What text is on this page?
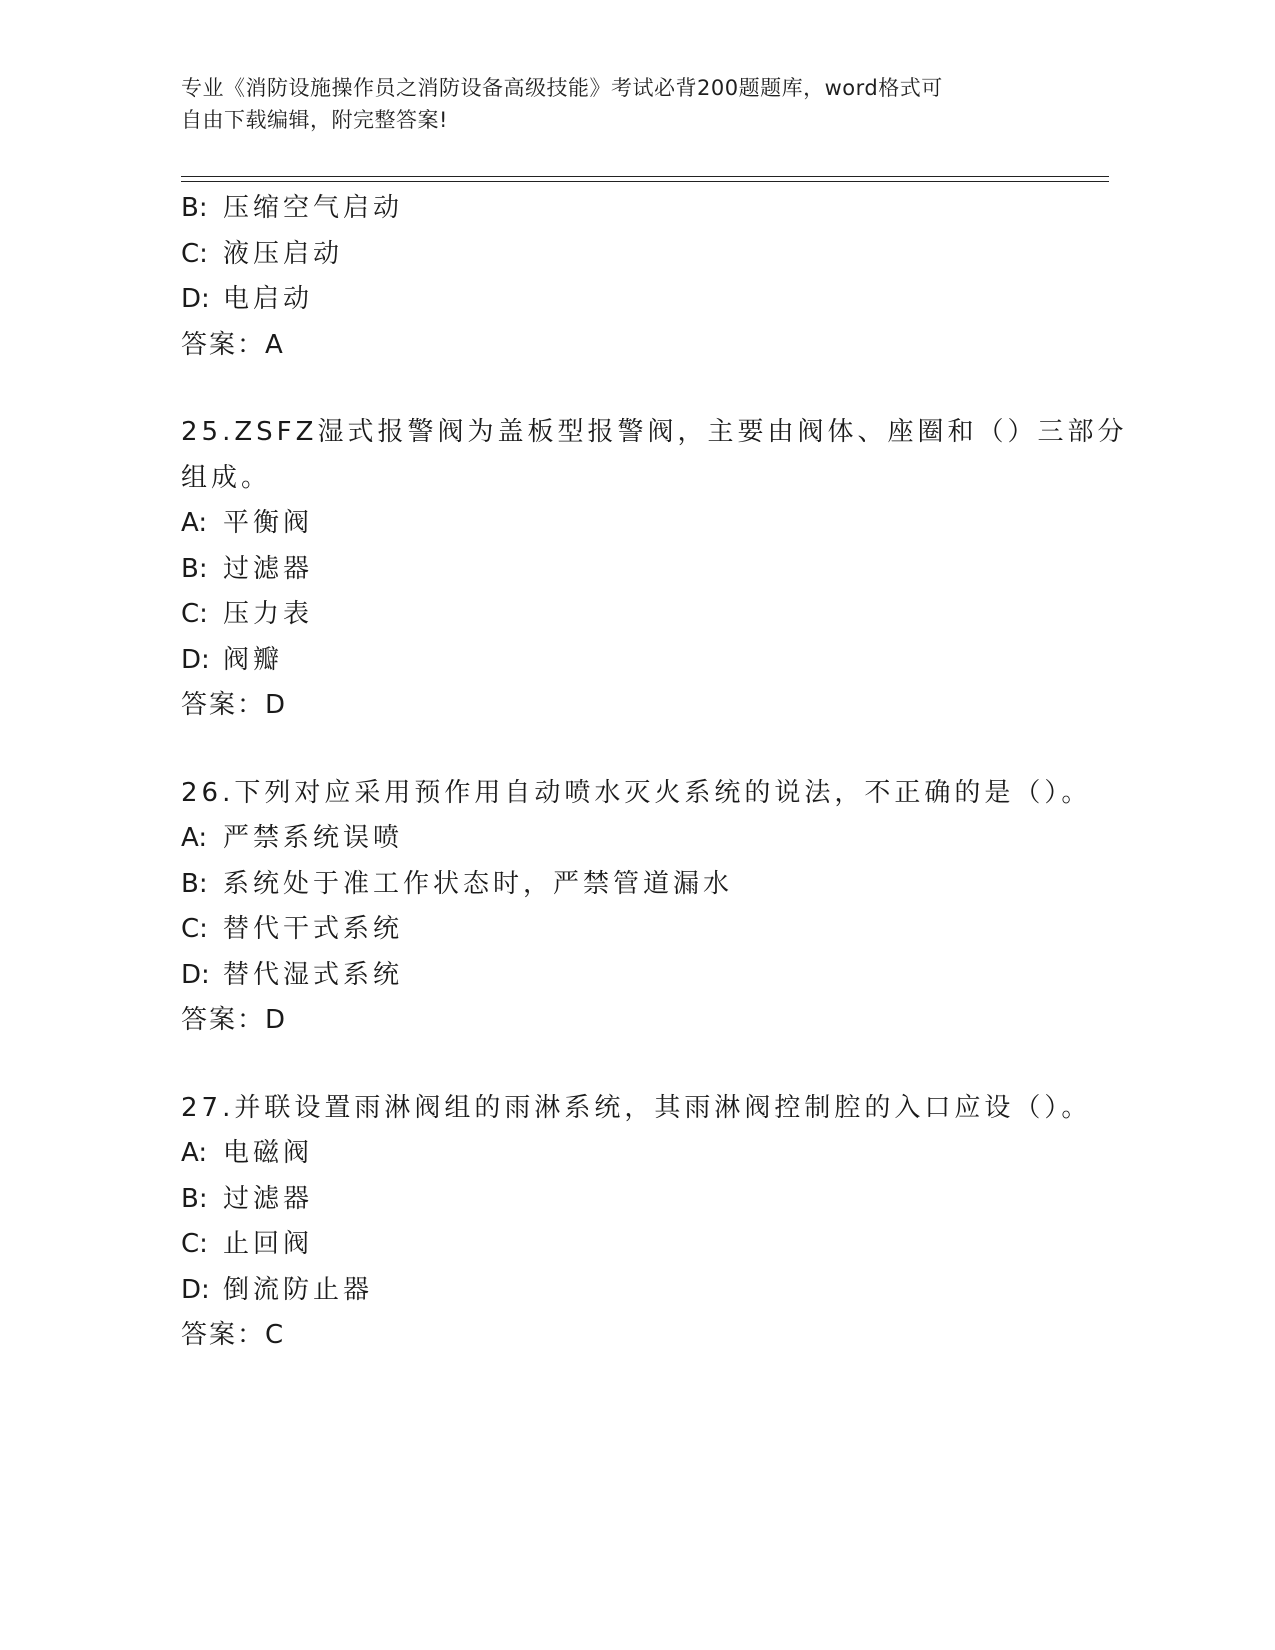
专业《消防设施操作员之消防设备高级技能》考试必背200题题库，word格式可
自由下载编辑，附完整答案!
B: 压缩空气启动
C: 液压启动
D: 电启动
答案：A
25.ZSFZ湿式报警阀为盖板型报警阀，主要由阀体、座圈和（）三部分
组成。
A: 平衡阀
B: 过滤器
C: 压力表
D: 阀瓣
答案：D
26.下列对应采用预作用自动喷水灭火系统的说法，不正确的是（）。
A: 严禁系统误喷
B: 系统处于准工作状态时，严禁管道漏水
C: 替代干式系统
D: 替代湿式系统
答案：D
27.并联设置雨淋阀组的雨淋系统，其雨淋阀控制腔的入口应设（）。
A: 电磁阀
B: 过滤器
C: 止回阀
D: 倒流防止器
答案：C
